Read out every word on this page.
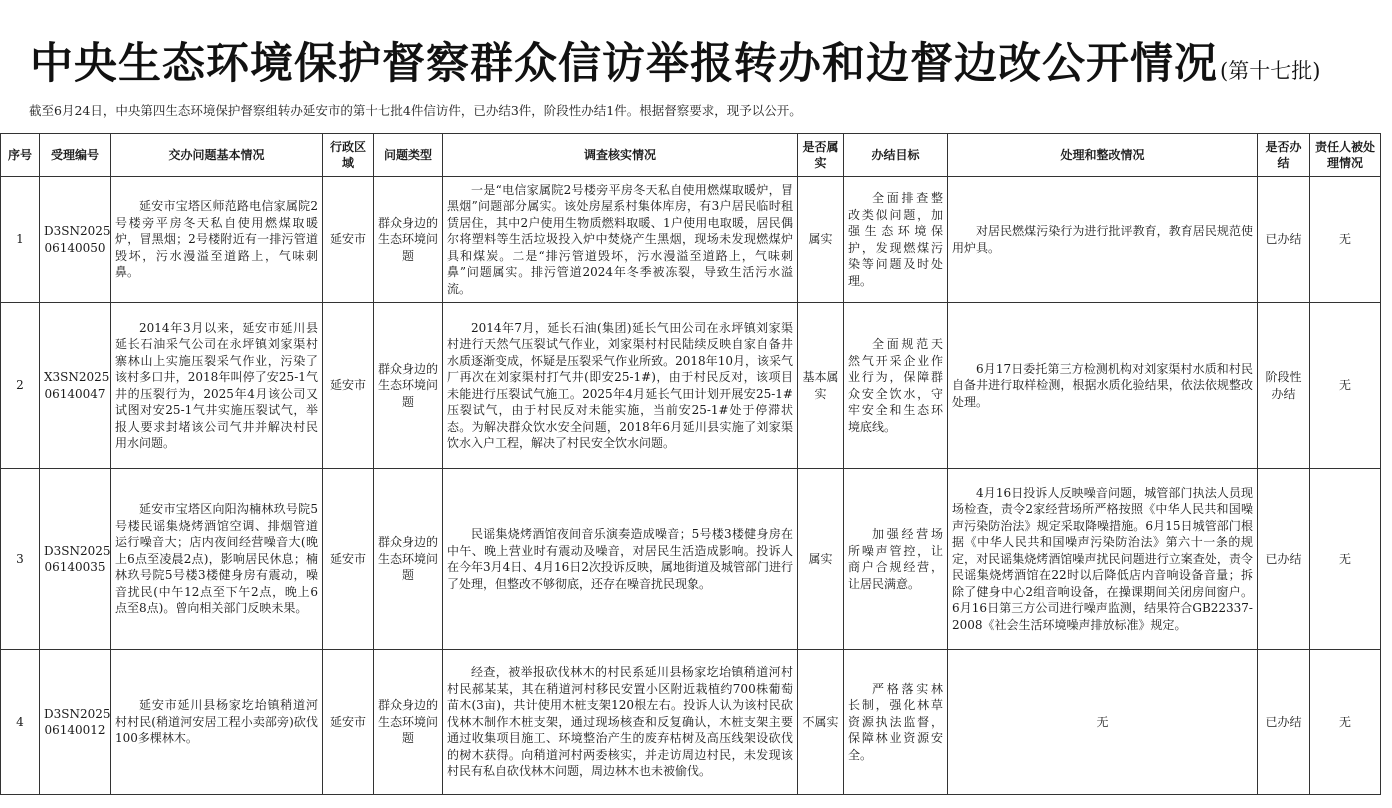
中央生态环境保护督察群众信访举报转办和边督边改公开情况(第十七批)
截至6月24日，中央第四生态环境保护督察组转办延安市的第十七批4件信访件，已办结3件，阶段性办结1件。根据督察要求，现予以公开。
序号	受理编号	交办问题基本情况	行政区域	问题类型	调查核实情况	是否属实	办结目标	处理和整改情况	是否办结	责任人被处理情况
1	D3SN2025 06140050	延安市宝塔区师范路电信家属院2号楼旁平房冬天私自使用燃煤取暖炉，冒黑烟；2号楼附近有一排污管道毁坏，污水漫溢至道路上，气味刺鼻。	延安市	群众身边的生态环境问题	一是“电信家属院2号楼旁平房冬天私自使用燃煤取暖炉，冒黑烟”问题部分属实。该处房屋系村集体库房，有3户居民临时租赁居住，其中2户使用生物质燃料取暖、1户使用电取暖，居民偶尔将塑料等生活垃圾投入炉中焚烧产生黑烟，现场未发现燃煤炉具和煤炭。二是“排污管道毁坏，污水漫溢至道路上，气味刺鼻”问题属实。排污管道2024年冬季被冻裂，导致生活污水溢流。	属实	全面排查整改类似问题，加强生态环境保护，发现燃煤污染等问题及时处理。	对居民燃煤污染行为进行批评教育，教育居民规范使用炉具。	已办结	无
2	X3SN2025 06140047	2014年3月以来，延安市延川县延长石油采气公司在永坪镇刘家渠村寨林山上实施压裂采气作业，污染了该村多口井，2018年叫停了安25-1气井的压裂行为，2025年4月该公司又试图对安25-1气井实施压裂试气，举报人要求封堵该公司气井并解决村民用水问题。	延安市	群众身边的生态环境问题	2014年7月，延长石油(集团)延长气田公司在永坪镇刘家渠村进行天然气压裂试气作业，刘家渠村村民陆续反映自家自备井水质逐渐变成，怀疑是压裂采气作业所致。2018年10月，该采气厂再次在刘家渠村打气井(即安25-1#)，由于村民反对，该项目未能进行压裂试气施工。2025年4月延长气田计划开展安25-1#压裂试气，由于村民反对未能实施，当前安25-1#处于停滞状态。为解决群众饮水安全问题，2018年6月延川县实施了刘家渠饮水入户工程，解决了村民安全饮水问题。	基本属实	全面规范天然气开采企业作业行为，保障群众安全饮水，守牢安全和生态环境底线。	6月17日委托第三方检测机构对刘家渠村水质和村民自备井进行取样检测，根据水质化验结果，依法依规整改处理。	阶段性办结	无
3	D3SN2025 06140035	延安市宝塔区向阳沟楠林玖号院5号楼民谣集烧烤酒馆空调、排烟管道运行噪音大；店内夜间经营噪音大(晚上6点至凌晨2点)，影响居民休息；楠林玖号院5号楼3楼健身房有震动，噪音扰民(中午12点至下午2点，晚上6点至8点)。曾向相关部门反映未果。	延安市	群众身边的生态环境问题	民谣集烧烤酒馆夜间音乐演奏造成噪音；5号楼3楼健身房在中午、晚上营业时有震动及噪音，对居民生活造成影响。投诉人在今年3月4日、4月16日2次投诉反映，属地街道及城管部门进行了处理，但整改不够彻底，还存在噪音扰民现象。	属实	加强经营场所噪声管控，让商户合规经营，让居民满意。	4月16日投诉人反映噪音问题，城管部门执法人员现场检查，责令2家经营场所严格按照《中华人民共和国噪声污染防治法》规定采取降噪措施。6月15日城管部门根据《中华人民共和国噪声污染防治法》第六十一条的规定，对民谣集烧烤酒馆噪声扰民问题进行立案查处，责令民谣集烧烤酒馆在22时以后降低店内音响设备音量；拆除了健身中心2组音响设备，在操课期间关闭房间窗户。6月16日第三方公司进行噪声监测，结果符合GB22337-2008《社会生活环境噪声排放标准》规定。	已办结	无
4	D3SN2025 06140012	延安市延川县杨家圪坮镇稍道河村村民(稍道河安居工程小卖部旁)砍伐100多棵林木。	延安市	群众身边的生态环境问题	经查，被举报砍伐林木的村民系延川县杨家圪坮镇稍道河村村民郝某某，其在稍道河村移民安置小区附近栽植约700株葡萄苗木(3亩)，共计使用木桩支架120根左右。投诉人认为该村民砍伐林木制作木桩支架，通过现场核查和反复确认，木桩支架主要通过收集项目施工、环境整治产生的废弃枯树及高压线架设砍伐的树木获得。向稍道河村两委核实，并走访周边村民，未发现该村民有私自砍伐林木问题，周边林木也未被偷伐。	不属实	严格落实林长制，强化林草资源执法监督，保障林业资源安全。	无	已办结	无
